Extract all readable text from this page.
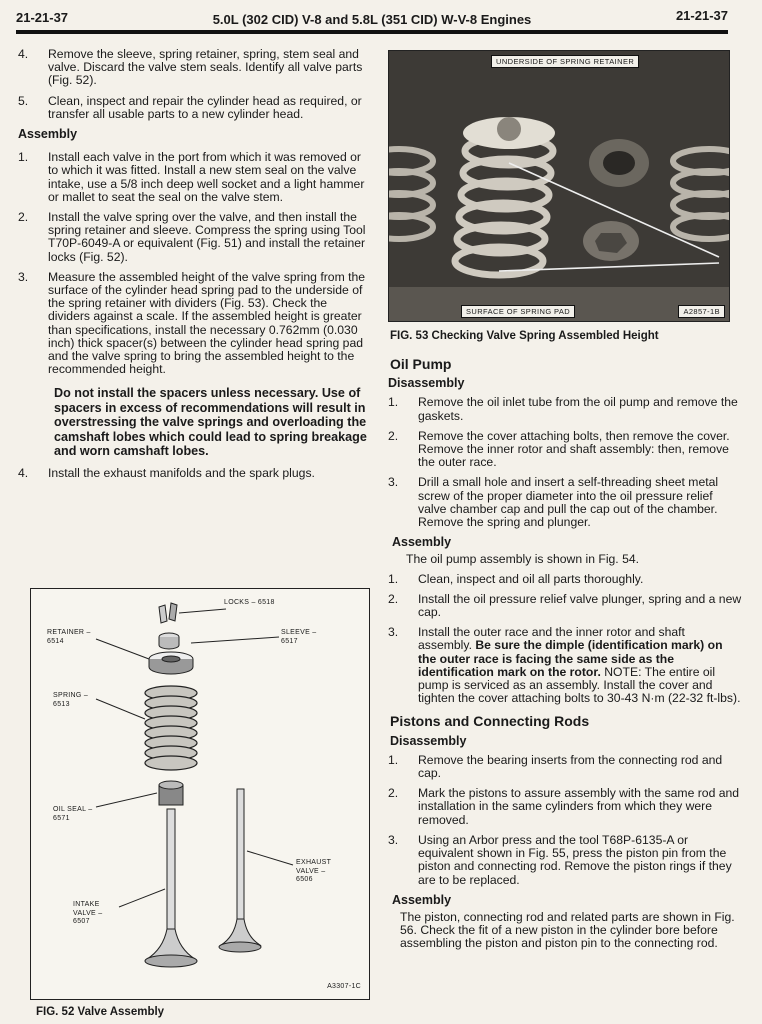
21-21-37	5.0L (302 CID) V-8 and 5.8L (351 CID) W-V-8 Engines	21-21-37
4.	Remove the sleeve, spring retainer, spring, stem seal and valve. Discard the valve stem seals. Identify all valve parts (Fig. 52).
5.	Clean, inspect and repair the cylinder head as required, or transfer all usable parts to a new cylinder head.
Assembly
1.	Install each valve in the port from which it was removed or to which it was fitted. Install a new stem seal on the valve intake, use a 5/8 inch deep well socket and a light hammer or mallet to seat the seal on the valve stem.
2.	Install the valve spring over the valve, and then install the spring retainer and sleeve. Compress the spring using Tool T70P-6049-A or equivalent (Fig. 51) and install the retainer locks (Fig. 52).
3.	Measure the assembled height of the valve spring from the surface of the cylinder head spring pad to the underside of the spring retainer with dividers (Fig. 53). Check the dividers against a scale. If the assembled height is greater than specifications, install the necessary 0.762mm (0.030 inch) thick spacer(s) between the cylinder head spring pad and the valve spring to bring the assembled height to the recommended height.
Do not install the spacers unless necessary. Use of spacers in excess of recommendations will result in overstressing the valve springs and overloading the camshaft lobes which could lead to spring breakage and worn camshaft lobes.
4.	Install the exhaust manifolds and the spark plugs.
LOCKS – 6518
RETAINER –6514
SLEEVE – 6517
SPRING – 6513
OIL SEAL – 6571
EXHAUST VALVE – 6506
INTAKE VALVE – 6507
A3307-1C
FIG. 52 Valve Assembly
UNDERSIDE OF SPRING RETAINER
SURFACE OF SPRING PAD	A2857-1B
FIG. 53 Checking Valve Spring Assembled Height
Oil Pump
Disassembly
1.	Remove the oil inlet tube from the oil pump and remove the gaskets.
2.	Remove the cover attaching bolts, then remove the cover. Remove the inner rotor and shaft assembly: then, remove the outer race.
3.	Drill a small hole and insert a self-threading sheet metal screw of the proper diameter into the oil pressure relief valve chamber cap and pull the cap out of the chamber. Remove the spring and plunger.
Assembly
The oil pump assembly is shown in Fig. 54.
1.	Clean, inspect and oil all parts thoroughly.
2.	Install the oil pressure relief valve plunger, spring and a new cap.
3.	Install the outer race and the inner rotor and shaft assembly. Be sure the dimple (identification mark) on the outer race is facing the same side as the identification mark on the rotor. NOTE: The entire oil pump is serviced as an assembly. Install the cover and tighten the cover attaching bolts to 30-43 N·m (22-32 ft-lbs).
Pistons and Connecting Rods
Disassembly
1.	Remove the bearing inserts from the connecting rod and cap.
2.	Mark the pistons to assure assembly with the same rod and installation in the same cylinders from which they were removed.
3.	Using an Arbor press and the tool T68P-6135-A or equivalent shown in Fig. 55, press the piston pin from the piston and connecting rod. Remove the piston rings if they are to be replaced.
Assembly
The piston, connecting rod and related parts are shown in Fig. 56. Check the fit of a new piston in the cylinder bore before assembling the piston and piston pin to the connecting rod.
